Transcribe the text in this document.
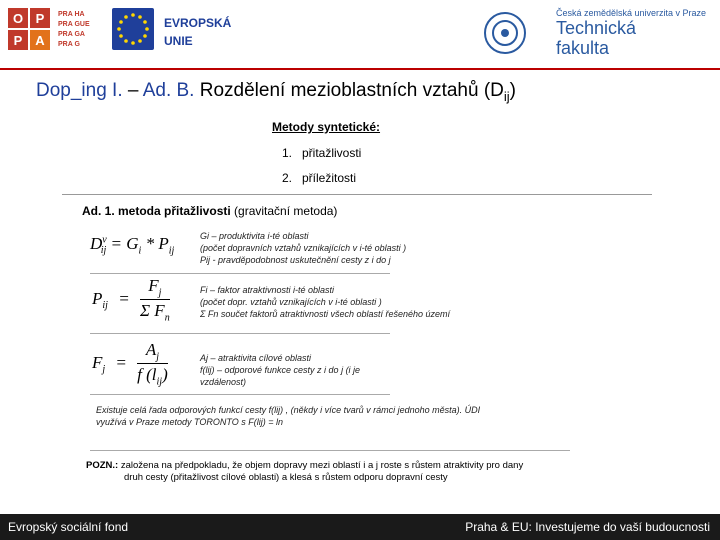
O P
P A
PRA HA
PRA GUE
PRA GA
PRA G
EVROPSKÁ
UNIE
Česká zemědělská univerzita v Praze
Technická
fakulta
Dop_ing I. – Ad. B. Rozdělení mezioblastních vztahů $(D_{ij})$
Metody syntetické:
1. přitažlivosti
2. příležitosti
Ad. 1. metoda přitažlivosti (gravitační metoda)
$D^v_{ij} = G_i * P_{ij}$
Gi – produktivita i-té oblasti
(počet dopravních vztahů vznikajících v i-té oblasti )
Pij - pravděpodobnost uskutečnění cesty z i do j
$P_{ij} = \frac{F_j}{\Sigma F_n}$	Fi – faktor atraktivnosti i-té oblasti
(počet dopr. vztahů vznikajících v i-té oblasti )
Σ Fn součet faktorů atraktivnosti všech oblastí řešeného území
$F_j = \frac{A_j}{f (l_{ij})}$	Aj – atraktivita cílové oblasti
f(lij) – odporové funkce cesty z i do j (i je
vzdálenost)
Existuje celá řada odporových funkcí cesty f(lij) , (někdy i více tvarů v rámci jednoho města). ÚDI
využívá v Praze metody TORONTO s F(lij) = ln
POZN.: založena na předpokladu, že objem dopravy mezi oblastí i a j roste s růstem atraktivity pro dany
druh cesty (přitažlivost cílové oblasti) a klesá s růstem odporu dopravní cesty
Evropský sociální fond	Praha & EU: Investujeme do vaší budoucnosti
